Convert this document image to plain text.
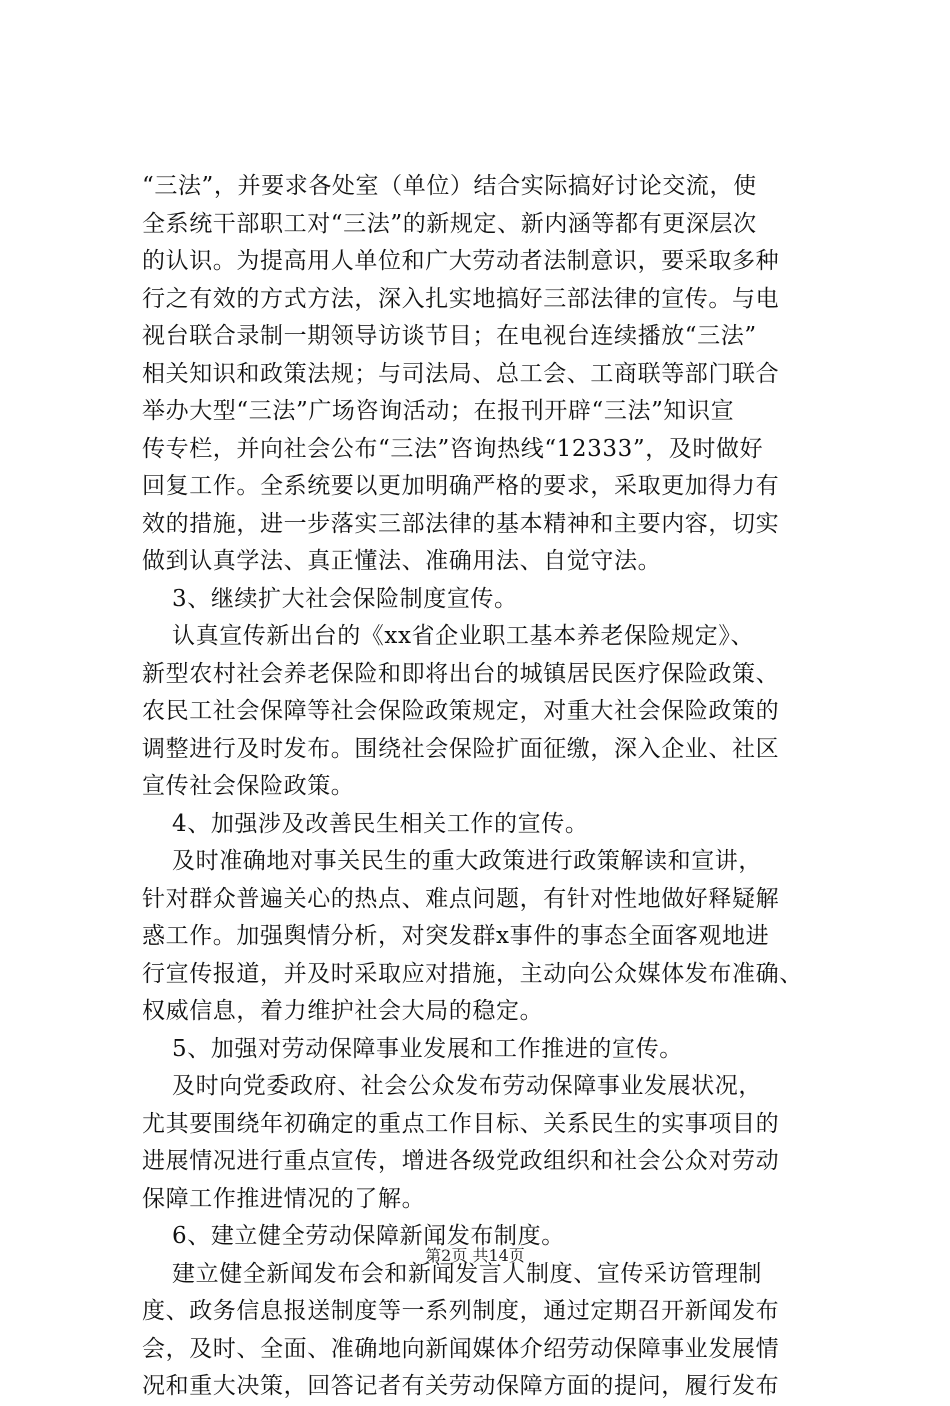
“三法”，并要求各处室（单位）结合实际搞好讨论交流，使
全系统干部职工对“三法”的新规定、新内涵等都有更深层次
的认识。为提高用人单位和广大劳动者法制意识，要采取多种
行之有效的方式方法，深入扎实地搞好三部法律的宣传。与电
视台联合录制一期领导访谈节目；在电视台连续播放“三法”
相关知识和政策法规；与司法局、总工会、工商联等部门联合
举办大型“三法”广场咨询活动；在报刊开辟“三法”知识宣
传专栏，并向社会公布“三法”咨询热线“12333”，及时做好
回复工作。全系统要以更加明确严格的要求，采取更加得力有
效的措施，进一步落实三部法律的基本精神和主要内容，切实
做到认真学法、真正懂法、准确用法、自觉守法。
3、继续扩大社会保险制度宣传。
认真宣传新出台的《xx省企业职工基本养老保险规定》、
新型农村社会养老保险和即将出台的城镇居民医疗保险政策、
农民工社会保障等社会保险政策规定，对重大社会保险政策的
调整进行及时发布。围绕社会保险扩面征缴，深入企业、社区
宣传社会保险政策。
4、加强涉及改善民生相关工作的宣传。
及时准确地对事关民生的重大政策进行政策解读和宣讲，
针对群众普遍关心的热点、难点问题，有针对性地做好释疑解
惑工作。加强舆情分析，对突发群x事件的事态全面客观地进
行宣传报道，并及时采取应对措施，主动向公众媒体发布准确、
权威信息，着力维护社会大局的稳定。
5、加强对劳动保障事业发展和工作推进的宣传。
及时向党委政府、社会公众发布劳动保障事业发展状况，
尤其要围绕年初确定的重点工作目标、关系民生的实事项目的
进展情况进行重点宣传，增进各级党政组织和社会公众对劳动
保障工作推进情况的了解。
6、建立健全劳动保障新闻发布制度。
建立健全新闻发布会和新闻发言人制度、宣传采访管理制
度、政务信息报送制度等一系列制度，通过定期召开新闻发布
会，及时、全面、准确地向新闻媒体介绍劳动保障事业发展情
况和重大决策，回答记者有关劳动保障方面的提问，履行发布
第2页 共14页
